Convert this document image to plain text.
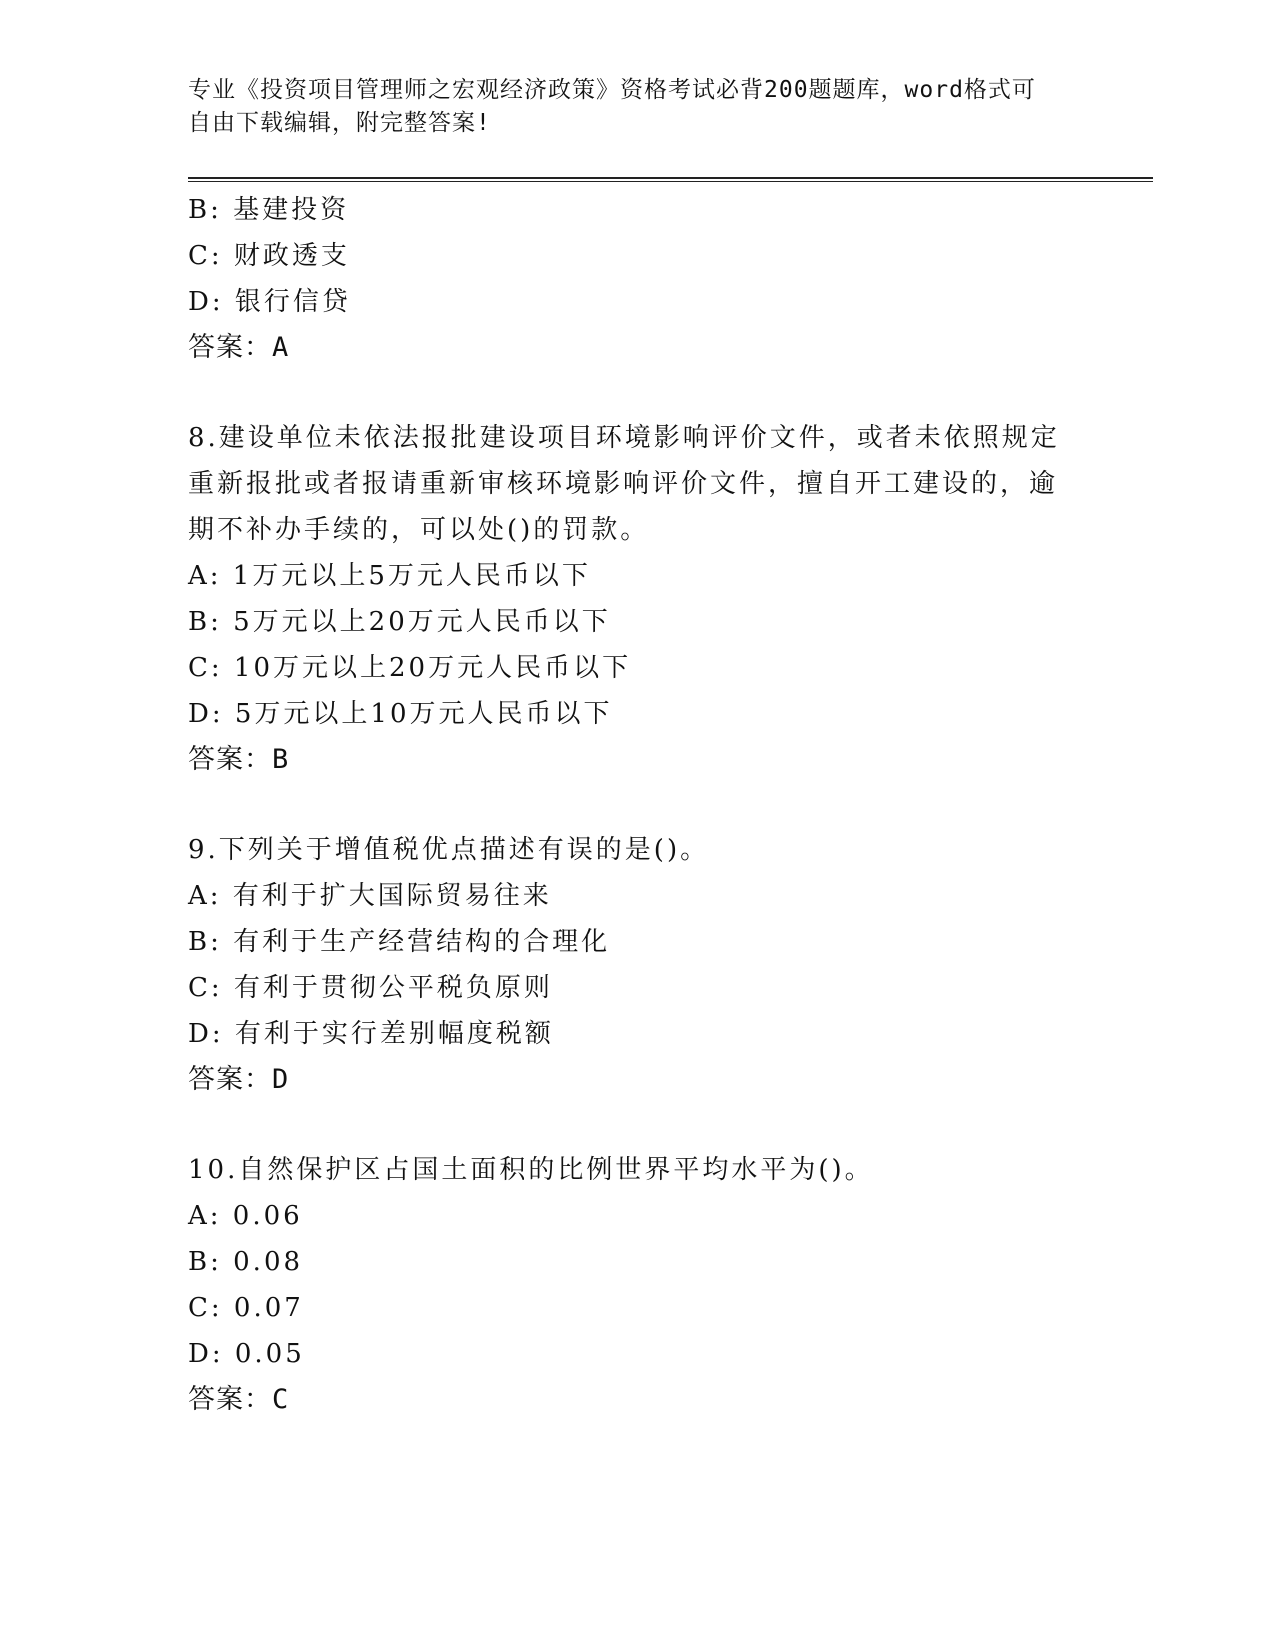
专业《投资项目管理师之宏观经济政策》资格考试必背200题题库，word格式可
自由下载编辑，附完整答案!
B: 基建投资
C: 财政透支
D: 银行信贷
答案：A
8.建设单位未依法报批建设项目环境影响评价文件，或者未依照规定
重新报批或者报请重新审核环境影响评价文件，擅自开工建设的，逾
期不补办手续的，可以处()的罚款。
A: 1万元以上5万元人民币以下
B: 5万元以上20万元人民币以下
C: 10万元以上20万元人民币以下
D: 5万元以上10万元人民币以下
答案：B
9.下列关于增值税优点描述有误的是()。
A: 有利于扩大国际贸易往来
B: 有利于生产经营结构的合理化
C: 有利于贯彻公平税负原则
D: 有利于实行差别幅度税额
答案：D
10.自然保护区占国土面积的比例世界平均水平为()。
A: 0.06
B: 0.08
C: 0.07
D: 0.05
答案：C
